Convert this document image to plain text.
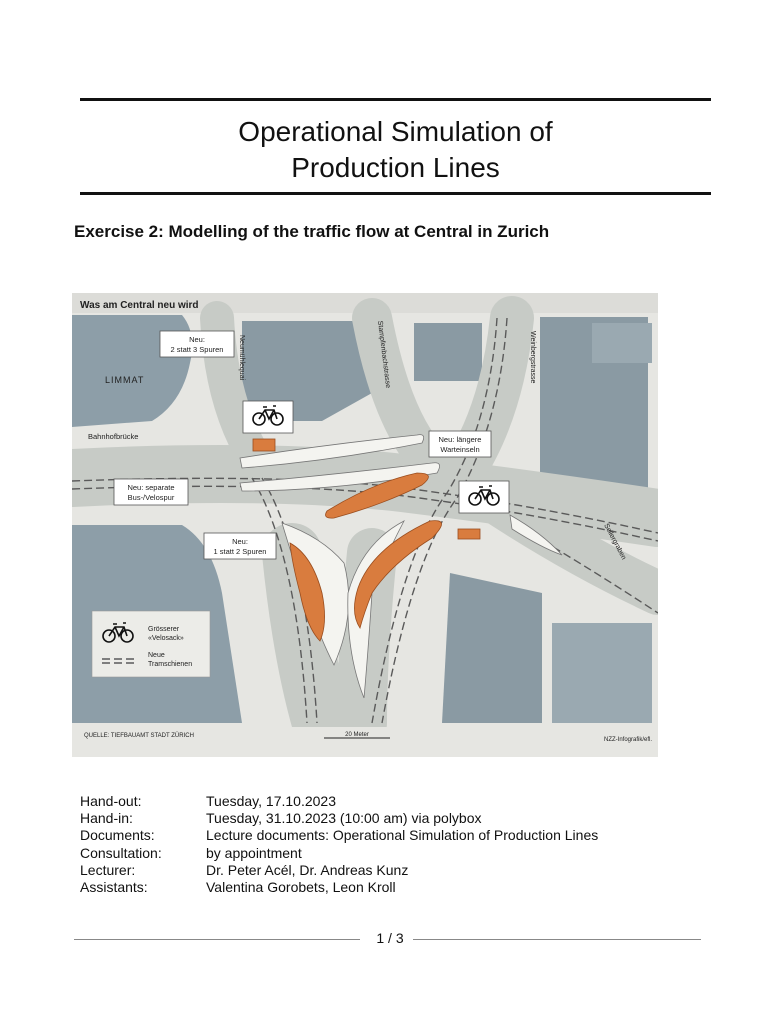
Operational Simulation of
Production Lines
Exercise 2: Modelling of the traffic flow at Central in Zurich
Was am Central neu wird
LIMMAT
Bahnhofbrücke
Neumühlequai	Stampfenbachstrasse	Weinbergstrasse
Seilergraben
Neu:
2 statt 3 Spuren
Neu: längere
Warteinseln
Neu: separate
Bus-/Velospur
Neu:
1 statt 2 Spuren
Grösserer
«Velosack»
Neue
Tramschienen
QUELLE: TIEFBAUAMT STADT ZÜRICH	20 Meter
NZZ-Infografik/efl.
Hand-out:	Tuesday, 17.10.2023
Hand-in:	Tuesday, 31.10.2023 (10:00 am) via polybox
Documents:	Lecture documents: Operational Simulation of Production Lines
Consultation:	by appointment
Lecturer:	Dr. Peter Acél, Dr. Andreas Kunz
Assistants:	Valentina Gorobets, Leon Kroll
1 / 3
